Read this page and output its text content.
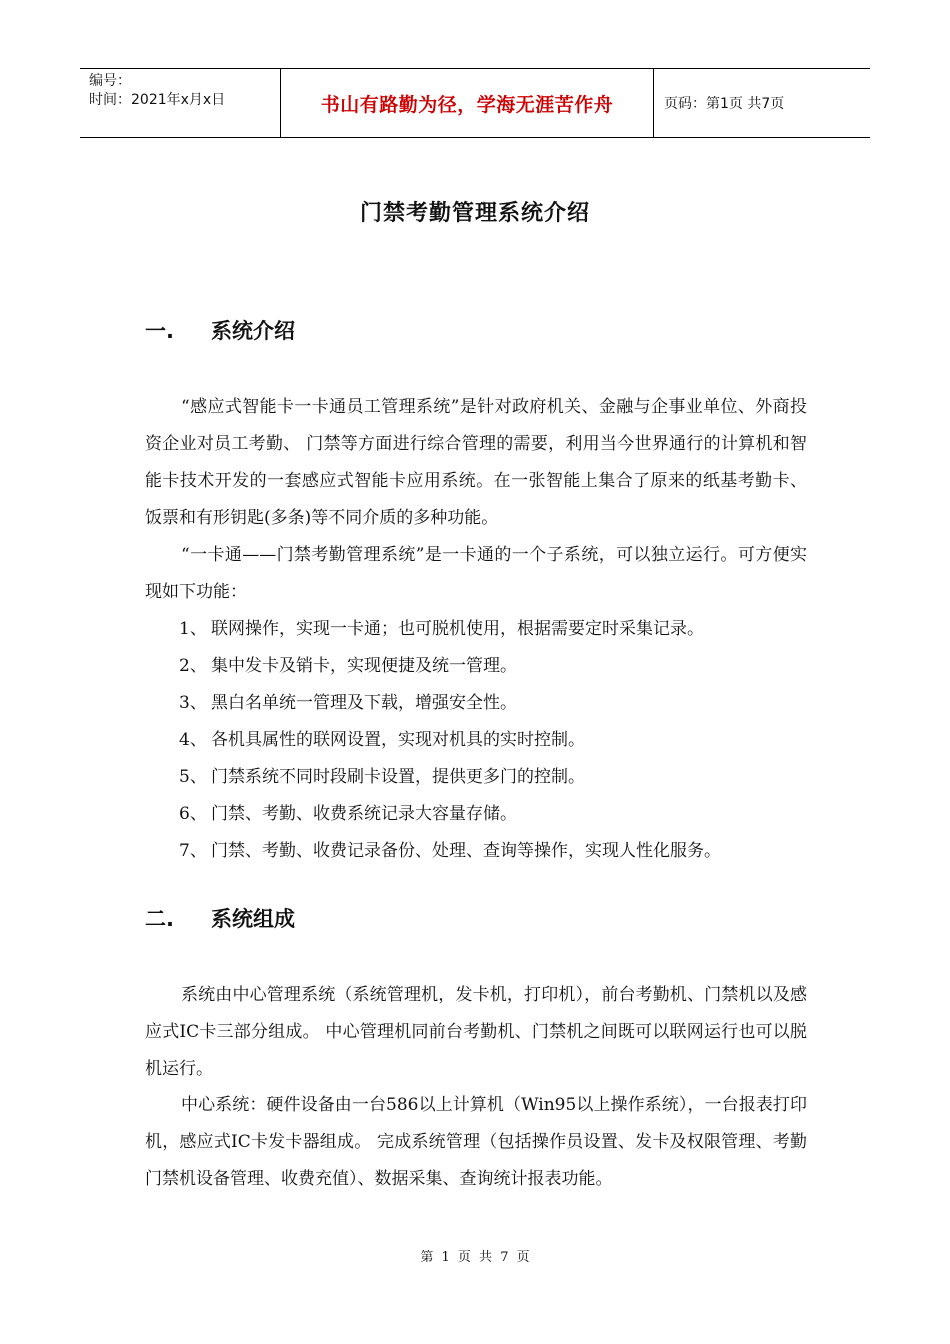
编号：
时间：2021年x月x日	书山有路勤为径，学海无涯苦作舟	页码：第1页 共7页
门禁考勤管理系统介绍
一.	系统介绍
“感应式智能卡一卡通员工管理系统”是针对政府机关、金融与企事业单位、外商投资企业对员工考勤、 门禁等方面进行综合管理的需要，利用当今世界通行的计算机和智能卡技术开发的一套感应式智能卡应用系统。在一张智能上集合了原来的纸基考勤卡、饭票和有形钥匙(多条)等不同介质的多种功能。
“一卡通——门禁考勤管理系统”是一卡通的一个子系统，可以独立运行。可方便实现如下功能：
1、 联网操作，实现一卡通；也可脱机使用，根据需要定时采集记录。
2、 集中发卡及销卡，实现便捷及统一管理。
3、 黑白名单统一管理及下载，增强安全性。
4、 各机具属性的联网设置，实现对机具的实时控制。
5、 门禁系统不同时段刷卡设置，提供更多门的控制。
6、 门禁、考勤、收费系统记录大容量存储。
7、 门禁、考勤、收费记录备份、处理、查询等操作，实现人性化服务。
二.	系统组成
系统由中心管理系统（系统管理机，发卡机，打印机），前台考勤机、门禁机以及感应式IC卡三部分组成。 中心管理机同前台考勤机、门禁机之间既可以联网运行也可以脱机运行。
中心系统：硬件设备由一台586以上计算机（Win95以上操作系统），一台报表打印机，感应式IC卡发卡器组成。 完成系统管理（包括操作员设置、发卡及权限管理、考勤门禁机设备管理、收费充值）、数据采集、查询统计报表功能。
第 1 页 共 7 页
